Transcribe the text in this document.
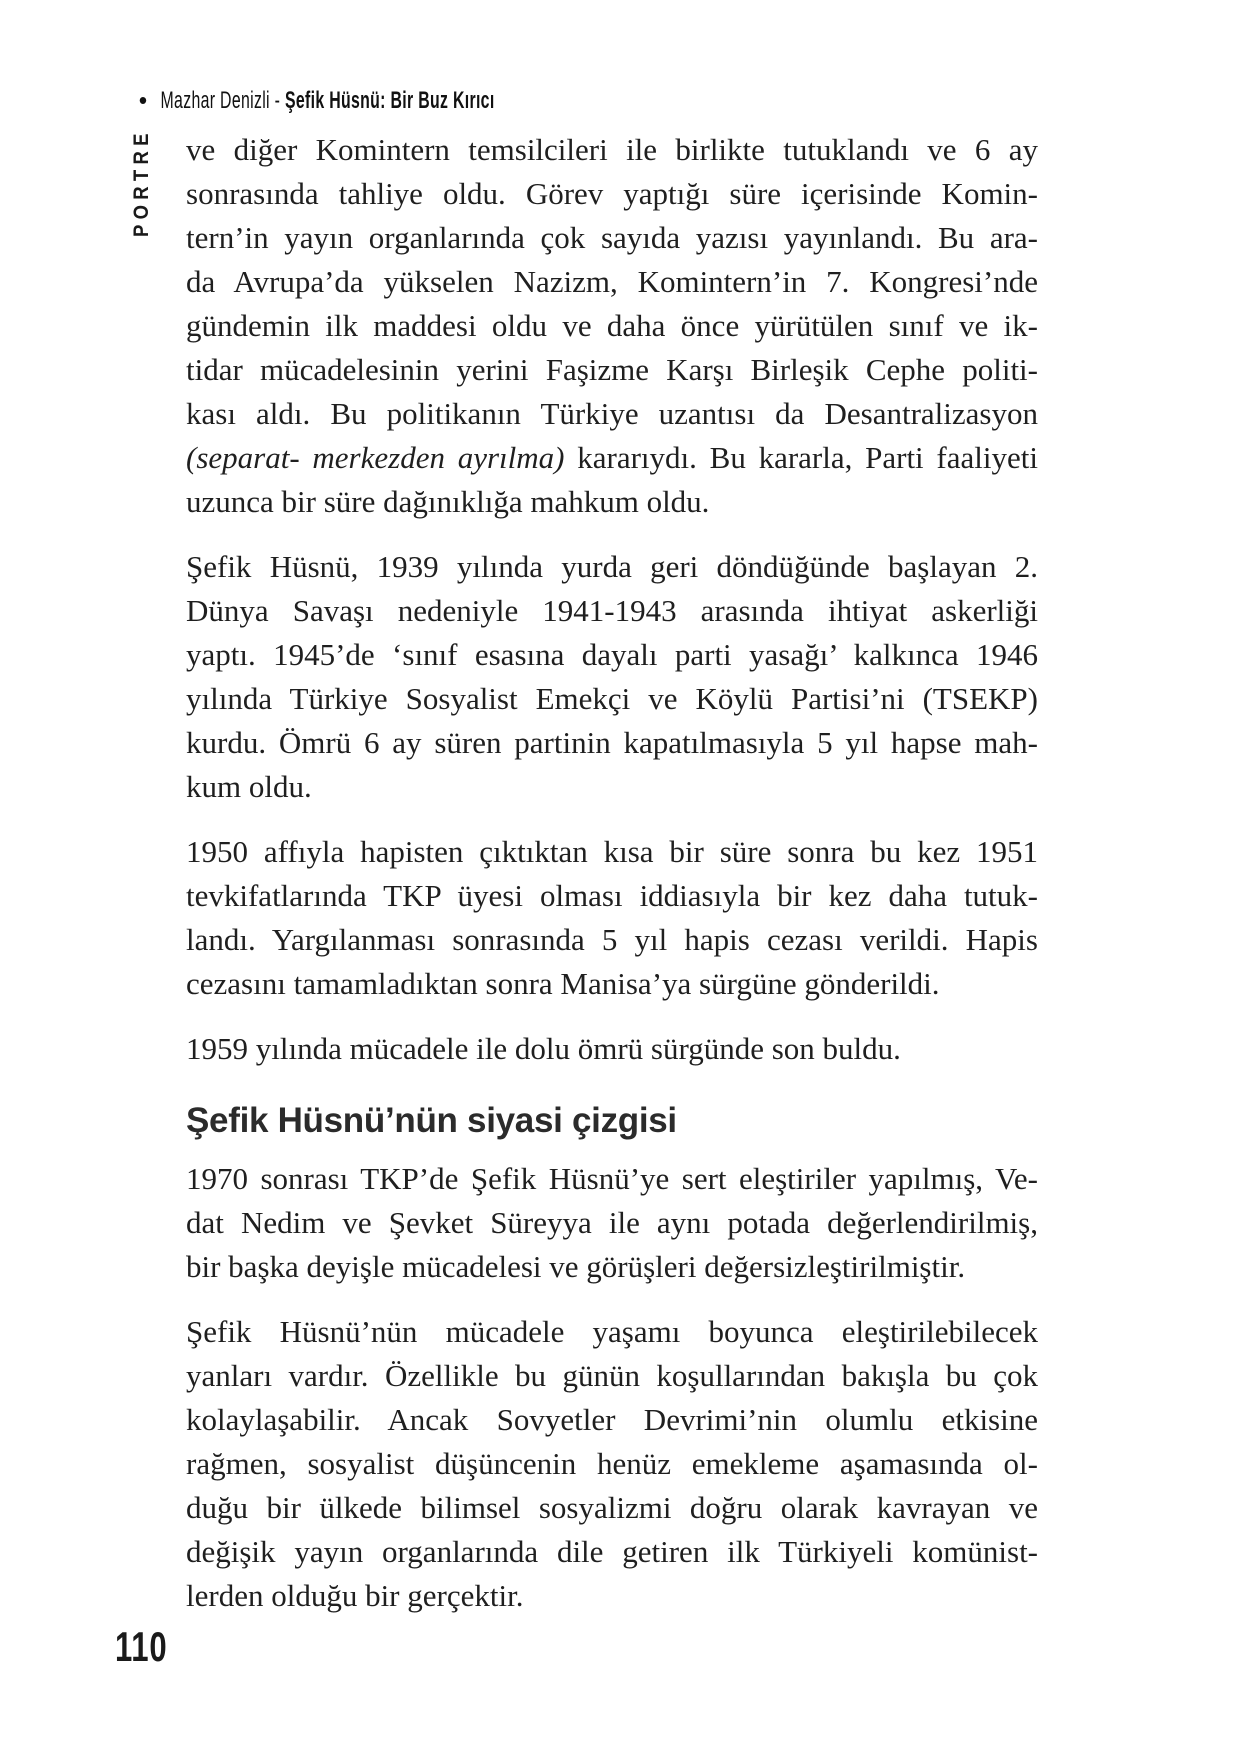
• Mazhar Denizli - Şefik Hüsnü: Bir Buz Kırıcı
PORTRE ve diğer Komintern temsilcileri ile birlikte tutuklandı ve 6 ay
sonrasında tahliye oldu. Görev yaptığı süre içerisinde Komin-
tern’in yayın organlarında çok sayıda yazısı yayınlandı. Bu ara-
da Avrupa’da yükselen Nazizm, Komintern’in 7. Kongresi’nde
gündemin ilk maddesi oldu ve daha önce yürütülen sınıf ve ik-
tidar mücadelesinin yerini Faşizme Karşı Birleşik Cephe politi-
kası aldı. Bu politikanın Türkiye uzantısı da Desantralizasyon
(separat- merkezden ayrılma) kararıydı. Bu kararla, Parti faaliyeti
uzunca bir süre dağınıklığa mahkum oldu.
Şefik Hüsnü, 1939 yılında yurda geri döndüğünde başlayan 2.
Dünya Savaşı nedeniyle 1941-1943 arasında ihtiyat askerliği
yaptı. 1945’de ‘sınıf esasına dayalı parti yasağı’ kalkınca 1946
yılında Türkiye Sosyalist Emekçi ve Köylü Partisi’ni (TSEKP)
kurdu. Ömrü 6 ay süren partinin kapatılmasıyla 5 yıl hapse mah-
kum oldu.
1950 affıyla hapisten çıktıktan kısa bir süre sonra bu kez 1951
tevkifatlarında TKP üyesi olması iddiasıyla bir kez daha tutuk-
landı. Yargılanması sonrasında 5 yıl hapis cezası verildi. Hapis
cezasını tamamladıktan sonra Manisa’ya sürgüne gönderildi.
1959 yılında mücadele ile dolu ömrü sürgünde son buldu.
Şefik Hüsnü’nün siyasi çizgisi
1970 sonrası TKP’de Şefik Hüsnü’ye sert eleştiriler yapılmış, Ve-
dat Nedim ve Şevket Süreyya ile aynı potada değerlendirilmiş,
bir başka deyişle mücadelesi ve görüşleri değersizleştirilmiştir.
Şefik Hüsnü’nün mücadele yaşamı boyunca eleştirilebilecek
yanları vardır. Özellikle bu günün koşullarından bakışla bu çok
kolaylaşabilir. Ancak Sovyetler Devrimi’nin olumlu etkisine
rağmen, sosyalist düşüncenin henüz emekleme aşamasında ol-
duğu bir ülkede bilimsel sosyalizmi doğru olarak kavrayan ve
değişik yayın organlarında dile getiren ilk Türkiyeli komünist-
lerden olduğu bir gerçektir.
110
